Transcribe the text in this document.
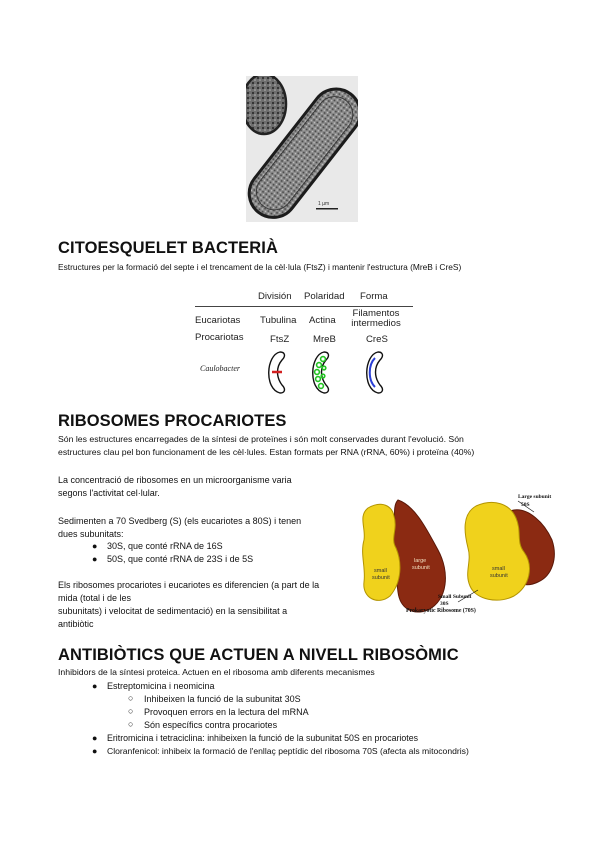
1 µm
CITOESQUELET BACTERIÀ

Estructures per la formació del septe i el trencament de la cèl·lula (FtsZ) i mantenir l'estructura (MreB i CreS)

División Polaridad Forma
Eucariotas Tubulina Actina
Filamentos
intermedios
Procariotas	FtsZ MreB	CreS
Caulobacter
RIBOSOMES PROCARIOTES

Són les estructures encarregades de la síntesi de proteïnes i són molt conservades durant l'evolució. Són

estructures clau pel bon funcionament de les cèl·lules. Estan formats per RNA (rRNA, 60%) i proteïna (40%)

La concentració de ribosomes en un microorganisme varia

segons l'activitat cel·lular.

Sedimenten a 70 Svedberg (S) (els eucariotes a 80S) i tenen

dues subunitats:

● 30S, que conté rRNA de 16S
● 50S, que conté rRNA de 23S i de 5S

Els ribosomes procariotes i eucariotes es diferencien (a part de la

mida (total i de les

subunitats) i velocitat de sedimentació) en la sensibilitat a

antibiòtic

Large subunit
50S
large
subunit
small
subunit
small
subunit
Small Subunit
30S
Prokaryotic Ribosome (70S)
ANTIBIÒTICS QUE ACTUEN A NIVELL RIBOSÒMIC

Inhibidors de la síntesi proteica. Actuen en el ribosoma amb diferents mecanismes

● Estreptomicina i neomicina
○ Inhibeixen la funció de la subunitat 30S
○ Provoquen errors en la lectura del mRNA
○ Són específics contra procariotes
● Eritromicina i tetraciclina: inhibeixen la funció de la subunitat 50S en procariotes
● Cloranfenicol: inhibeix la formació de l'enllaç peptídic del ribosoma 70S (afecta als mitocondris)
